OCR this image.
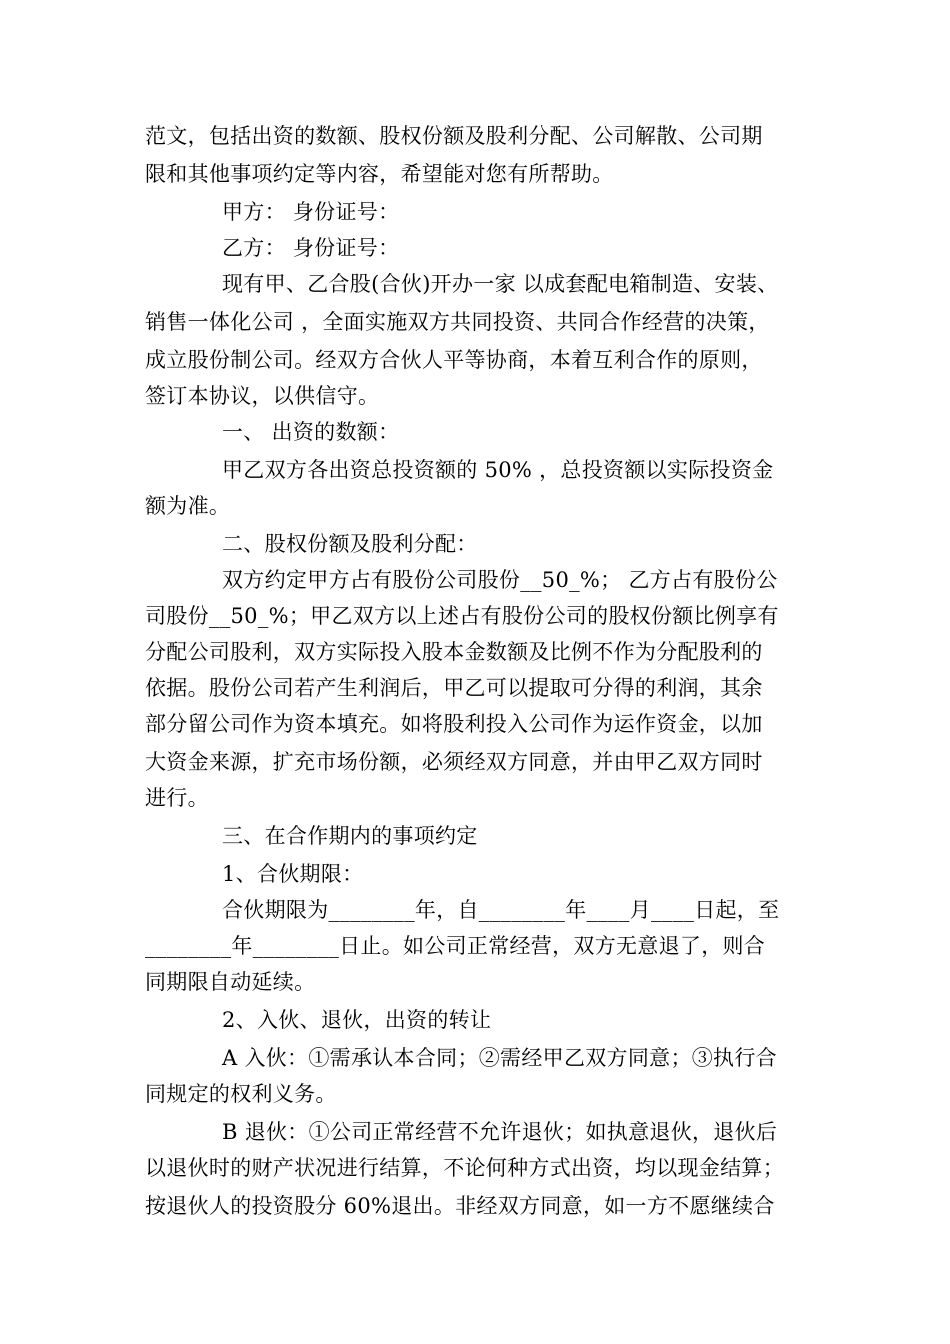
范文，包括出资的数额、股权份额及股利分配、公司解散、公司期

限和其他事项约定等内容，希望能对您有所帮助。

甲方： 身份证号：

乙方： 身份证号：

现有甲、乙合股(合伙)开办一家 以成套配电箱制造、安装、

销售一体化公司 ，全面实施双方共同投资、共同合作经营的决策，

成立股份制公司。经双方合伙人平等协商，本着互利合作的原则，

签订本协议，以供信守。

一、 出资的数额：

甲乙双方各出资总投资额的 50% ，总投资额以实际投资金

额为准。

二、股权份额及股利分配：

双方约定甲方占有股份公司股份__50_%； 乙方占有股份公

司股份__50_%；甲乙双方以上述占有股份公司的股权份额比例享有

分配公司股利，双方实际投入股本金数额及比例不作为分配股利的

依据。股份公司若产生利润后，甲乙可以提取可分得的利润，其余

部分留公司作为资本填充。如将股利投入公司作为运作资金，以加

大资金来源，扩充市场份额，必须经双方同意，并由甲乙双方同时

进行。

三、在合作期内的事项约定

1、合伙期限：

合伙期限为________年，自________年____月____日起，至

________年________日止。如公司正常经营，双方无意退了，则合

同期限自动延续。

2、入伙、退伙，出资的转让

A 入伙：①需承认本合同；②需经甲乙双方同意；③执行合

同规定的权利义务。

B 退伙：①公司正常经营不允许退伙；如执意退伙，退伙后

以退伙时的财产状况进行结算，不论何种方式出资，均以现金结算；

按退伙人的投资股分 60%退出。非经双方同意，如一方不愿继续合
